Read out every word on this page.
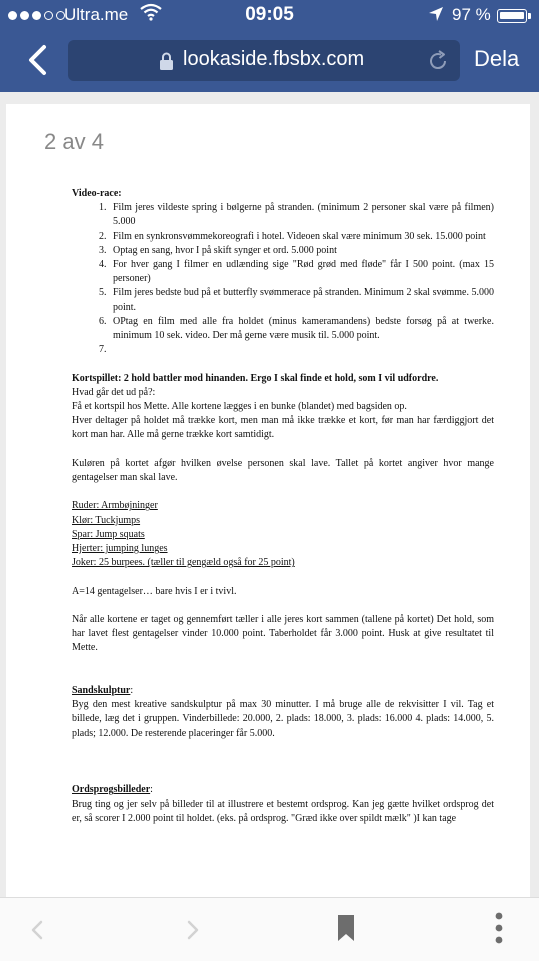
Ultra.me	09:05	97 %
lookaside.fbsbx.com	Dela
2 av 4

Video-race:

1. Film jeres vildeste spring i bølgerne på stranden. (minimum 2 personer skal være på filmen) 5.000
2. Film en synkronsvømmekoreografi i hotel. Videoen skal være minimum 30 sek. 15.000 point
3. Optag en sang, hvor I på skift synger et ord. 5.000 point
4. For hver gang I filmer en udlænding sige "Rød grød med fløde" får I 500 point. (max 15 personer)
5. Film jeres bedste bud på et butterfly svømmerace på stranden. Minimum 2 skal svømme. 5.000 point.
6. OPtag en film med alle fra holdet (minus kameramandens) bedste forsøg på at twerke. minimum 10 sek. video. Der må gerne være musik til. 5.000 point.
7.

Kortspillet: 2 hold battler mod hinanden. Ergo I skal finde et hold, som I vil udfordre.

Hvad går det ud på?:

Få et kortspil hos Mette. Alle kortene lægges i en bunke (blandet) med bagsiden op.

Hver deltager på holdet må trække kort, men man må ikke trække et kort, før man har færdiggjort det kort man har. Alle må gerne trække kort samtidigt.

Kuløren på kortet afgør hvilken øvelse personen skal lave. Tallet på kortet angiver hvor mange gentagelser man skal lave.

Ruder: Armbøjninger

Klør: Tuckjumps

Spar: Jump squats

Hjerter: jumping lunges

Joker: 25 burpees. (tæller til gengæld også for 25 point)

A=14 gentagelser… bare hvis I er i tvivl.

Når alle kortene er taget og gennemført tæller i alle jeres kort sammen (tallene på kortet) Det hold, som har lavet flest gentagelser vinder 10.000 point. Taberholdet får 3.000 point. Husk at give resultatet til Mette.

Sandskulptur:

Byg den mest kreative sandskulptur på max 30 minutter. I må bruge alle de rekvisitter I vil. Tag et billede, læg det i gruppen. Vinderbillede: 20.000, 2. plads: 18.000, 3. plads: 16.000 4. plads: 14.000, 5. plads; 12.000. De resterende placeringer får 5.000.

Ordsprogsbilleder:

Brug ting og jer selv på billeder til at illustrere et bestemt ordsprog. Kan jeg gætte hvilket ordsprog det er, så scorer I 2.000 point til holdet. (eks. på ordsprog. "Græd ikke over spildt mælk" )I kan tage
